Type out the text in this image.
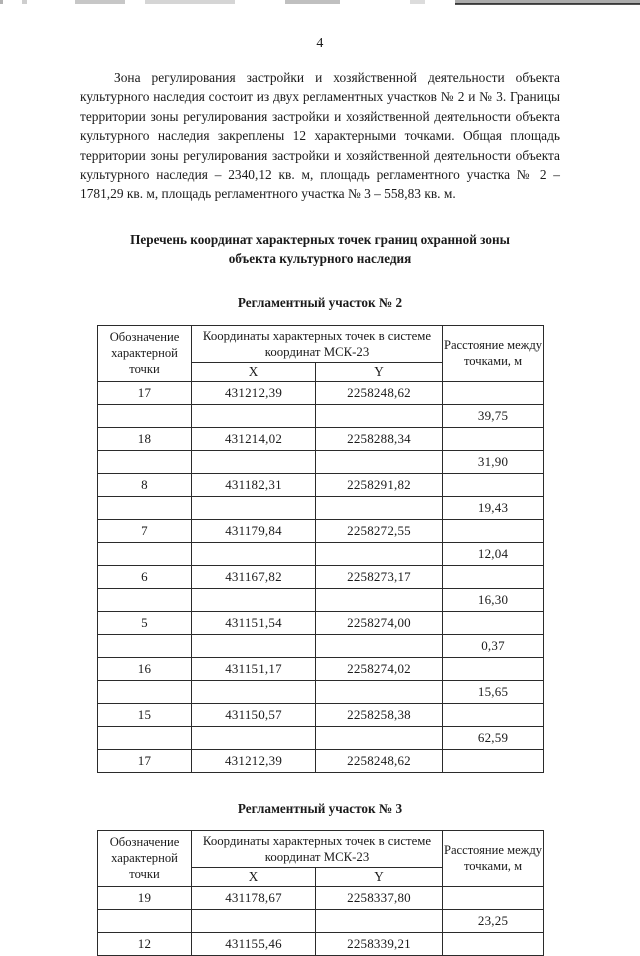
4

Зона регулирования застройки и хозяйственной деятельности объекта культурного наследия состоит из двух регламентных участков № 2 и № 3. Границы территории зоны регулирования застройки и хозяйственной деятельности объекта культурного наследия закреплены 12 характерными точками. Общая площадь территории зоны регулирования застройки и хозяйственной деятельности объекта культурного наследия – 2340,12 кв. м, площадь регламентного участка № 2 – 1781,29 кв. м, площадь регламентного участка № 3 – 558,83 кв. м.

Перечень координат характерных точек границ охранной зоны
объекта культурного наследия
Регламентный участок № 2
Обозначение характерной точки	Координаты характерных точек в системе координат МСК-23		Расстояние между точками, м
	X	Y	
17	431212,39	2258248,62	
			39,75
18	431214,02	2258288,34	
			31,90
8	431182,31	2258291,82	
			19,43
7	431179,84	2258272,55	
			12,04
6	431167,82	2258273,17	
			16,30
5	431151,54	2258274,00	
			0,37
16	431151,17	2258274,02	
			15,65
15	431150,57	2258258,38	
			62,59
17	431212,39	2258248,62	
Регламентный участок № 3
Обозначение характерной точки	Координаты характерных точек в системе координат МСК-23		Расстояние между точками, м
	X	Y	
19	431178,67	2258337,80	
			23,25
12	431155,46	2258339,21	
